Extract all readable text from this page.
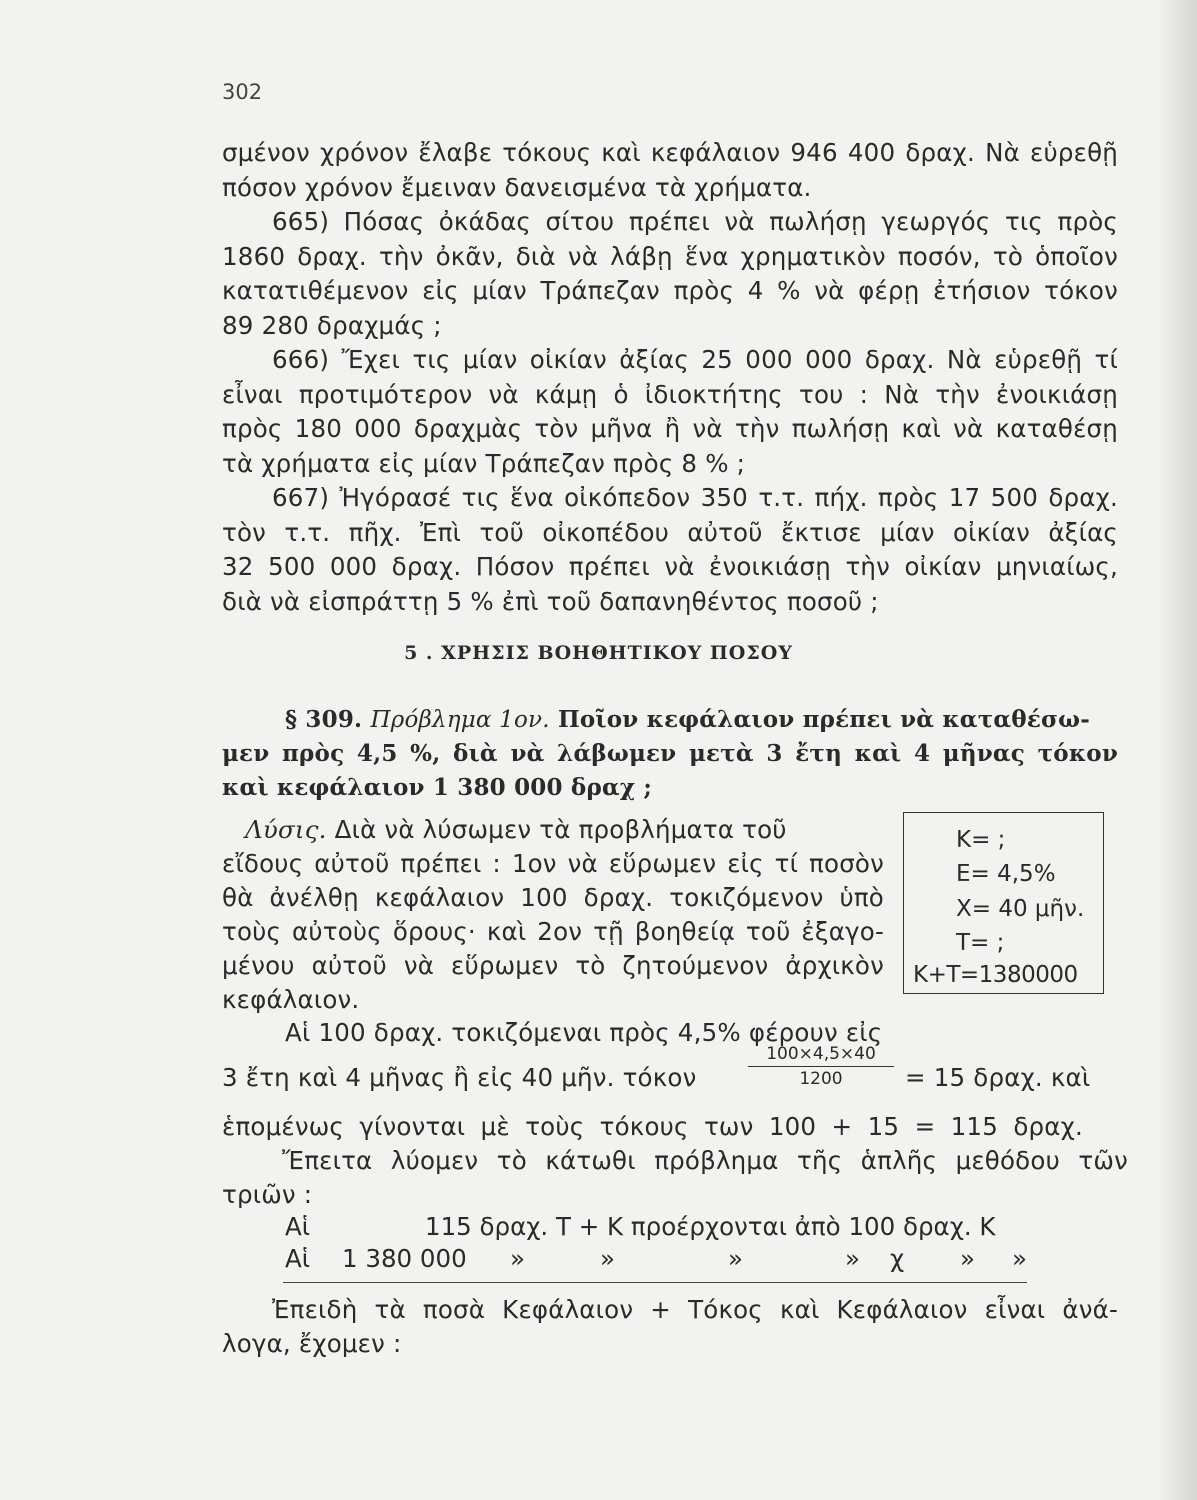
302
σμένον χρόνον ἔλαβε τόκους καὶ κεφάλαιον 946 400 δραχ. Νὰ εὑρεθῇ
πόσον χρόνον ἔμειναν δανεισμένα τὰ χρήματα.
665) Πόσας ὀκάδας σίτου πρέπει νὰ πωλήσῃ γεωργός τις πρὸς
1860 δραχ. τὴν ὀκᾶν, διὰ νὰ λάβῃ ἕνα χρηματικὸν ποσόν, τὸ ὁποῖον
κατατιθέμενον εἰς μίαν Τράπεζαν πρὸς 4 % νὰ φέρῃ ἐτήσιον τόκον
89 280 δραχμάς ;
666) Ἔχει τις μίαν οἰκίαν ἀξίας 25 000 000 δραχ. Νὰ εὑρεθῇ τί
εἶναι προτιμότερον νὰ κάμῃ ὁ ἰδιοκτήτης του : Νὰ τὴν ἐνοικιάσῃ
πρὸς 180 000 δραχμὰς τὸν μῆνα ἢ νὰ τὴν πωλήσῃ καὶ νὰ καταθέσῃ
τὰ χρήματα εἰς μίαν Τράπεζαν πρὸς 8 % ;
667) Ἠγόρασέ τις ἕνα οἰκόπεδον 350 τ.τ. πήχ. πρὸς 17 500 δραχ.
τὸν τ.τ. πῆχ. Ἐπὶ τοῦ οἰκοπέδου αὐτοῦ ἔκτισε μίαν οἰκίαν ἀξίας
32 500 000 δραχ. Πόσον πρέπει νὰ ἐνοικιάσῃ τὴν οἰκίαν μηνιαίως,
διὰ νὰ εἰσπράττῃ 5 % ἐπὶ τοῦ δαπανηθέντος ποσοῦ ;
5 . ΧΡΗΣΙΣ ΒΟΗΘΗΤΙΚΟΥ ΠΟΣΟΥ
§ 309. Πρόβλημα 1ον. Ποῖον κεφάλαιον πρέπει νὰ καταθέσω-
μεν πρὸς 4,5 %, διὰ νὰ λάβωμεν μετὰ 3 ἔτη καὶ 4 μῆνας τόκον
καὶ κεφάλαιον 1 380 000 δραχ ;
Λύσις. Διὰ νὰ λύσωμεν τὰ προβλήματα τοῦ
εἴδους αὐτοῦ πρέπει : 1ον νὰ εὕρωμεν εἰς τί ποσὸν
θὰ ἀνέλθῃ κεφάλαιον 100 δραχ. τοκιζόμενον ὑπὸ
τοὺς αὐτοὺς ὅρους· καὶ 2ον τῇ βοηθείᾳ τοῦ ἐξαγο-
μένου αὐτοῦ νὰ εὕρωμεν τὸ ζητούμενον ἀρχικὸν
κεφάλαιον.
Κ= ;
Ε= 4,5%
Χ= 40 μῆν.
Τ= ;
Κ+Τ=1380000
Αἱ 100 δραχ. τοκιζόμεναι πρὸς 4,5% φέρουν εἰς
3 ἔτη καὶ 4 μῆνας ἢ εἰς 40 μῆν. τόκον	$\frac{100\times 4,5\times 40}{1200} = 15$ δραχ. καὶ
ἑπομένως γίνονται μὲ τοὺς τόκους των 100 + 15 = 115 δραχ.
Ἔπειτα λύομεν τὸ κάτωθι πρόβλημα τῆς ἁπλῆς μεθόδου τῶν
τριῶν :
Αἱ	115 δραχ. Τ + Κ προέρχονται ἀπὸ 100 δραχ. Κ
Αἱ 1 380 000 »	»	»	» χ » »
Ἐπειδὴ τὰ ποσὰ Κεφάλαιον + Τόκος καὶ Κεφάλαιον εἶναι ἀνά-
λογα, ἔχομεν :
